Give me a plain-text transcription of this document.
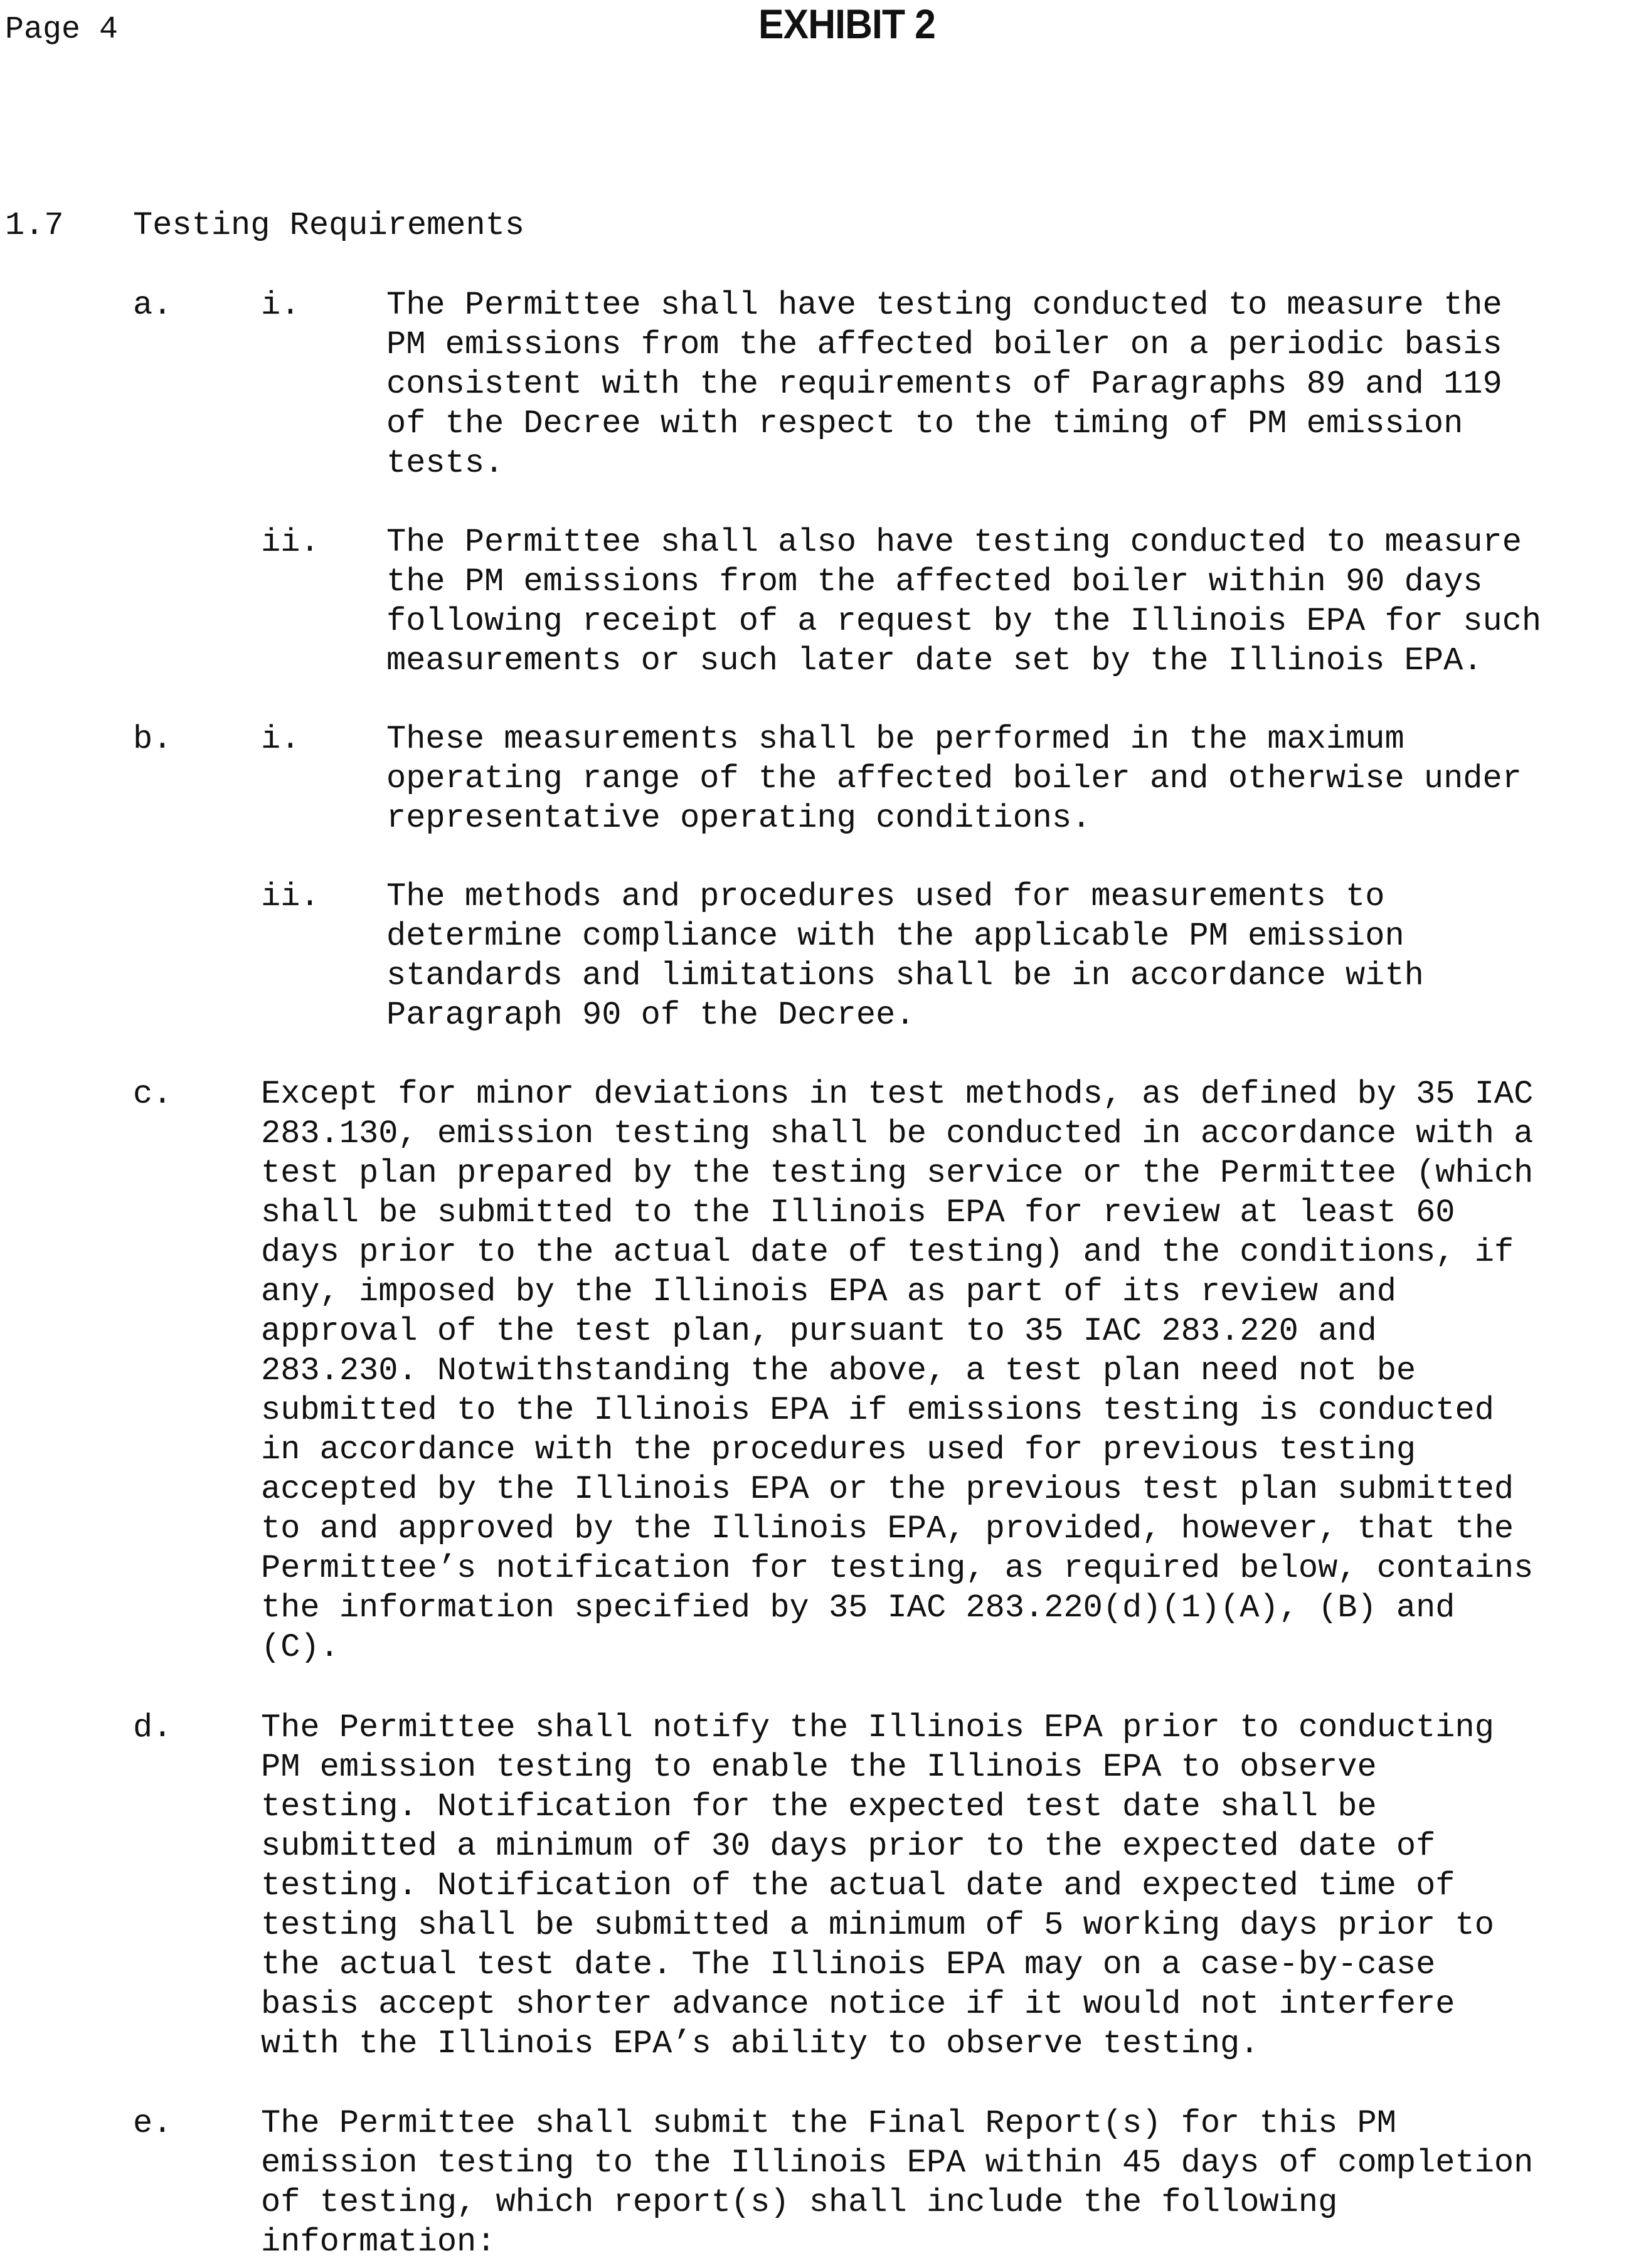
Page 4	EXHIBIT 2
1.7 Testing Requirements
a.	i.	The Permittee shall have testing conducted to measure the
PM emissions from the affected boiler on a periodic basis
consistent with the requirements of Paragraphs 89 and 119
of the Decree with respect to the timing of PM emission
tests.
ii. The Permittee shall also have testing conducted to measure
the PM emissions from the affected boiler within 90 days
following receipt of a request by the Illinois EPA for such
measurements or such later date set by the Illinois EPA.
b.	i.	These measurements shall be performed in the maximum
operating range of the affected boiler and otherwise under
representative operating conditions.
ii. The methods and procedures used for measurements to
determine compliance with the applicable PM emission
standards and limitations shall be in accordance with
Paragraph 90 of the Decree.
c.	Except for minor deviations in test methods, as defined by 35 IAC
283.130, emission testing shall be conducted in accordance with a
test plan prepared by the testing service or the Permittee (which
shall be submitted to the Illinois EPA for review at least 60
days prior to the actual date of testing) and the conditions, if
any, imposed by the Illinois EPA as part of its review and
approval of the test plan, pursuant to 35 IAC 283.220 and
283.230. Notwithstanding the above, a test plan need not be
submitted to the Illinois EPA if emissions testing is conducted
in accordance with the procedures used for previous testing
accepted by the Illinois EPA or the previous test plan submitted
to and approved by the Illinois EPA, provided, however, that the
Permittee’s notification for testing, as required below, contains
the information specified by 35 IAC 283.220(d)(1)(A), (B) and
(C).
d.	The Permittee shall notify the Illinois EPA prior to conducting
PM emission testing to enable the Illinois EPA to observe
testing. Notification for the expected test date shall be
submitted a minimum of 30 days prior to the expected date of
testing. Notification of the actual date and expected time of
testing shall be submitted a minimum of 5 working days prior to
the actual test date. The Illinois EPA may on a case-by-case
basis accept shorter advance notice if it would not interfere
with the Illinois EPA’s ability to observe testing.
e.	The Permittee shall submit the Final Report(s) for this PM
emission testing to the Illinois EPA within 45 days of completion
of testing, which report(s) shall include the following
information:
